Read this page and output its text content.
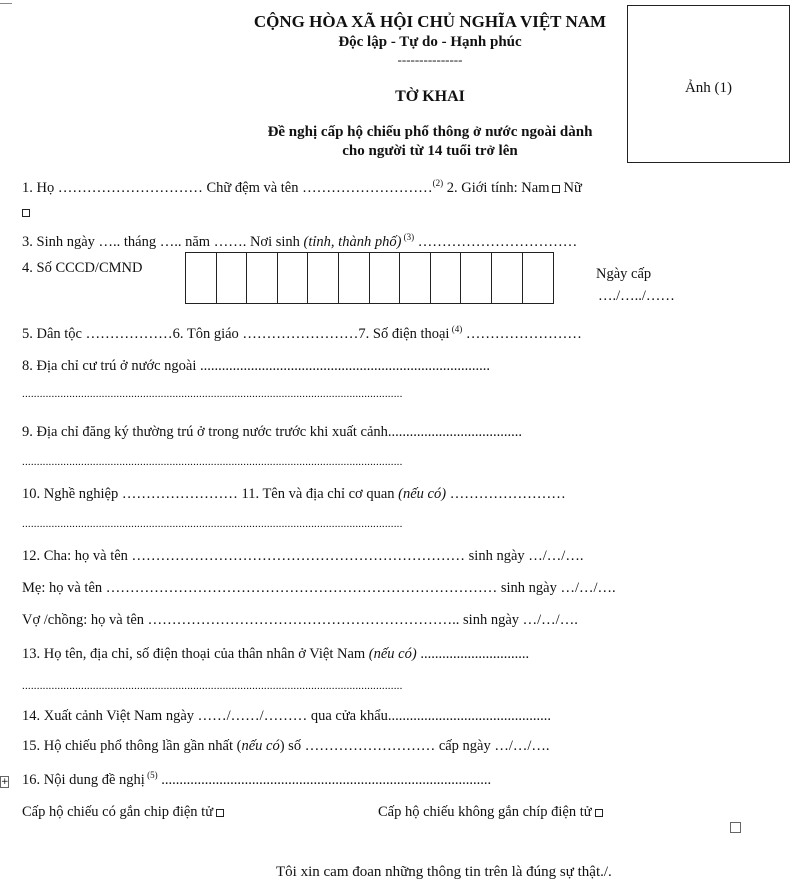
CỘNG HÒA XÃ HỘI CHỦ NGHĨA VIỆT NAM
Độc lập - Tự do - Hạnh phúc
---------------
Ảnh (1)
TỜ KHAI
Đề nghị cấp hộ chiếu phổ thông ở nước ngoài dành
cho người từ 14 tuổi trở lên
1. Họ ………………………… Chữ đệm và tên ………………………$^{(2)}$ 2. Giới tính: Nam Nữ
3. Sinh ngày ….. tháng ….. năm ……. Nơi sinh (tỉnh, thành phố) $^{(3)}$ ……………………………
4. Số CCCD/CMND	Ngày cấp
…./…../……
5. Dân tộc ………………6. Tôn giáo ……………………7. Số điện thoại $^{(4)}$ ……………………
8. Địa chỉ cư trú ở nước ngoài ................................................................................
.................................................................................................................................
9. Địa chỉ đăng ký thường trú ở trong nước trước khi xuất cảnh.....................................
.................................................................................................................................
10. Nghề nghiệp …………………… 11. Tên và địa chỉ cơ quan (nếu có) ……………………
.................................................................................................................................
12. Cha: họ và tên …………………………………………………………… sinh ngày …/…/….
Mẹ: họ và tên ……………………………………………………………………… sinh ngày …/…/….
Vợ /chồng: họ và tên ……………………………………………………….. sinh ngày …/…/….
13. Họ tên, địa chỉ, số điện thoại của thân nhân ở Việt Nam (nếu có) ..............................
.................................................................................................................................
14. Xuất cảnh Việt Nam ngày ……/……/……… qua cửa khẩu.............................................
15. Hộ chiếu phổ thông lần gần nhất (nếu có) số ……………………… cấp ngày …/…/….
+ 16. Nội dung đề nghị $^{(5)}$ ...........................................................................................
Cấp hộ chiếu có gắn chip điện tử	Cấp hộ chiếu không gắn chíp điện tử
Tôi xin cam đoan những thông tin trên là đúng sự thật./.
